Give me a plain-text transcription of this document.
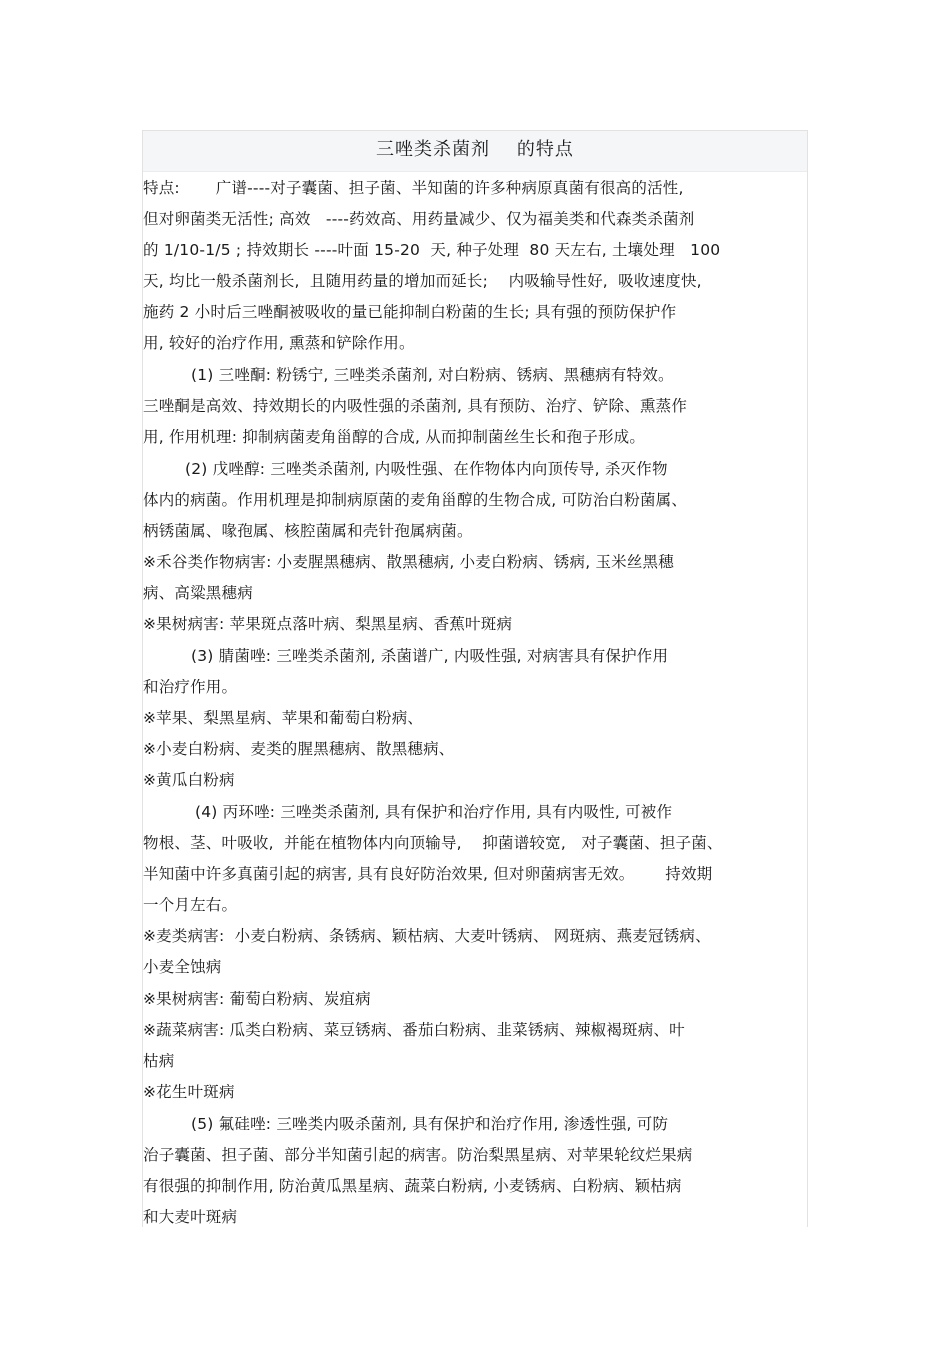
三唑类杀菌剂    的特点
特点:       广谱----对子囊菌、担子菌、半知菌的许多种病原真菌有很高的活性,
但对卵菌类无活性; 高效   ----药效高、用药量减少、仅为福美类和代森类杀菌剂
的 1/10-1/5 ; 持效期长 ----叶面 15-20  天, 种子处理  80 天左右, 土壤处理   100
天, 均比一般杀菌剂长,  且随用药量的增加而延长;    内吸输导性好,  吸收速度快,
施药 2 小时后三唑酮被吸收的量已能抑制白粉菌的生长; 具有强的预防保护作
用, 较好的治疗作用, 熏蒸和铲除作用。
(1) 三唑酮: 粉锈宁, 三唑类杀菌剂, 对白粉病、锈病、黑穗病有特效。
三唑酮是高效、持效期长的内吸性强的杀菌剂, 具有预防、治疗、铲除、熏蒸作
用, 作用机理: 抑制病菌麦角甾醇的合成, 从而抑制菌丝生长和孢子形成。
(2) 戊唑醇: 三唑类杀菌剂, 内吸性强、在作物体内向顶传导, 杀灭作物
体内的病菌。作用机理是抑制病原菌的麦角甾醇的生物合成, 可防治白粉菌属、
柄锈菌属、喙孢属、核腔菌属和壳针孢属病菌。
※禾谷类作物病害: 小麦腥黑穗病、散黑穗病, 小麦白粉病、锈病, 玉米丝黑穗
病、高粱黑穗病
※果树病害: 苹果斑点落叶病、梨黑星病、香蕉叶斑病
(3) 腈菌唑: 三唑类杀菌剂, 杀菌谱广, 内吸性强, 对病害具有保护作用
和治疗作用。
※苹果、梨黑星病、苹果和葡萄白粉病、
※小麦白粉病、麦类的腥黑穗病、散黑穗病、
※黄瓜白粉病
(4) 丙环唑: 三唑类杀菌剂, 具有保护和治疗作用, 具有内吸性, 可被作
物根、茎、叶吸收,  并能在植物体内向顶输导,    抑菌谱较宽,   对子囊菌、担子菌、
半知菌中许多真菌引起的病害, 具有良好防治效果, 但对卵菌病害无效。      持效期
一个月左右。
※麦类病害:  小麦白粉病、条锈病、颖枯病、大麦叶锈病、 网斑病、燕麦冠锈病、
小麦全蚀病
※果树病害: 葡萄白粉病、炭疽病
※蔬菜病害: 瓜类白粉病、菜豆锈病、番茄白粉病、韭菜锈病、辣椒褐斑病、叶
枯病
※花生叶斑病
(5) 氟硅唑: 三唑类内吸杀菌剂, 具有保护和治疗作用, 渗透性强, 可防
治子囊菌、担子菌、部分半知菌引起的病害。防治梨黑星病、对苹果轮纹烂果病
有很强的抑制作用, 防治黄瓜黑星病、蔬菜白粉病, 小麦锈病、白粉病、颖枯病
和大麦叶斑病
